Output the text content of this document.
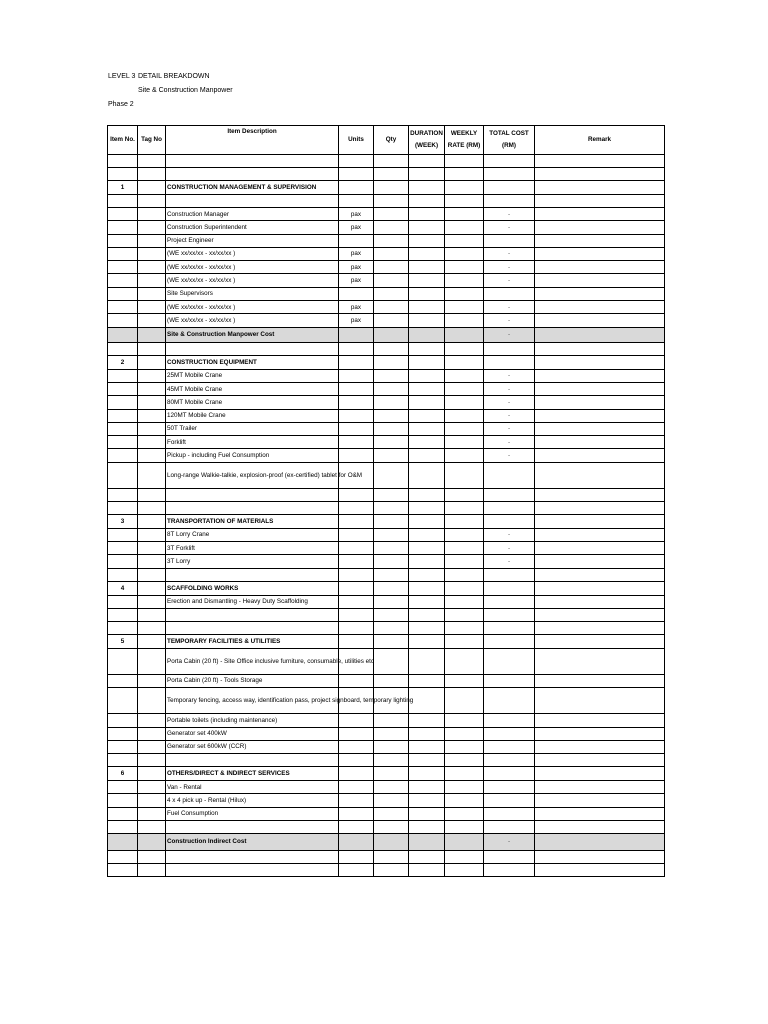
LEVEL 3 DETAIL BREAKDOWN
Site & Construction Manpower
Phase 2
Item No.	Tag No	Item Description	Units	Qty	DURATION (WEEK)	WEEKLY RATE (RM)	TOTAL COST (RM)	Remark

1		CONSTRUCTION MANAGEMENT & SUPERVISION						

		Construction Manager	pax				-	
		Construction Superintendent	pax				-	
		Project Engineer						
		(WE xx/xx/xx - xx/xx/xx )	pax				-	
		(WE xx/xx/xx - xx/xx/xx )	pax				-	
		(WE xx/xx/xx - xx/xx/xx )	pax				-	
		Site Supervisors						
		(WE xx/xx/xx - xx/xx/xx )	pax				-	
		(WE xx/xx/xx - xx/xx/xx )	pax				-	
		Site & Construction Manpower Cost					-	

2		CONSTRUCTION EQUIPMENT						
		25MT Mobile Crane					-	
		45MT Mobile Crane					-	
		80MT Mobile Crane					-	
		120MT Mobile Crane					-	
		50T Trailer					-	
		Forklift					-	
		Pickup - including Fuel Consumption					-	
		Long-range Walkie-talkie, explosion-proof (ex-certified) tablet for O&M						

3		TRANSPORTATION OF MATERIALS						
		8T Lorry Crane					-	
		3T Forklift					-	
		3T Lorry					-	

4		SCAFFOLDING WORKS						
		Erection and Dismantling - Heavy Duty Scaffolding						

5		TEMPORARY FACILITIES & UTILITIES						
		Porta Cabin (20 ft) - Site Office inclusive furniture, consumable, utilities etc						
		Porta Cabin (20 ft) - Tools Storage						
		Temporary fencing, access way, identification pass, project signboard, temporary lighting						
		Portable toilets (including maintenance)						
		Generator set 400kW						
		Generator set 600kW (CCR)						

6		OTHERS/DIRECT & INDIRECT SERVICES						
		Van - Rental						
		4 x 4 pick up - Rental (Hilux)						
		Fuel Consumption						

		Construction Indirect Cost					-	
